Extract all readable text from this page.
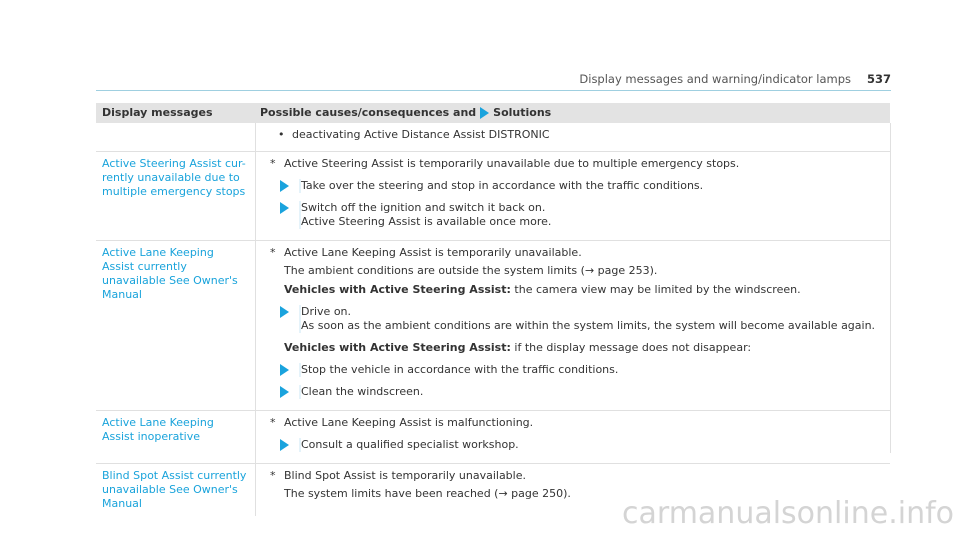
Display messages and warning/indicator lamps 537
Display messages	Possible causes/consequences and Solutions
• deactivating Active Distance Assist DISTRONIC
Active Steering Assist cur-rently unavailable due to multiple emergency stops
* Active Steering Assist is temporarily unavailable due to multiple emergency stops.
Take over the steering and stop in accordance with the traffic conditions.
Switch off the ignition and switch it back on.
Active Steering Assist is available once more.
Active Lane Keeping Assist currently unavailable See Owner's Manual
* Active Lane Keeping Assist is temporarily unavailable.
The ambient conditions are outside the system limits (→ page 253).
Vehicles with Active Steering Assist: the camera view may be limited by the windscreen.
Drive on.
As soon as the ambient conditions are within the system limits, the system will become available again.
Vehicles with Active Steering Assist: if the display message does not disappear:
Stop the vehicle in accordance with the traffic conditions.
Clean the windscreen.
Active Lane Keeping Assist inoperative
* Active Lane Keeping Assist is malfunctioning.
Consult a qualified specialist workshop.
Blind Spot Assist currently unavailable See Owner's Manual
* Blind Spot Assist is temporarily unavailable.
The system limits have been reached (→ page 250).
carmanualsonline.info
